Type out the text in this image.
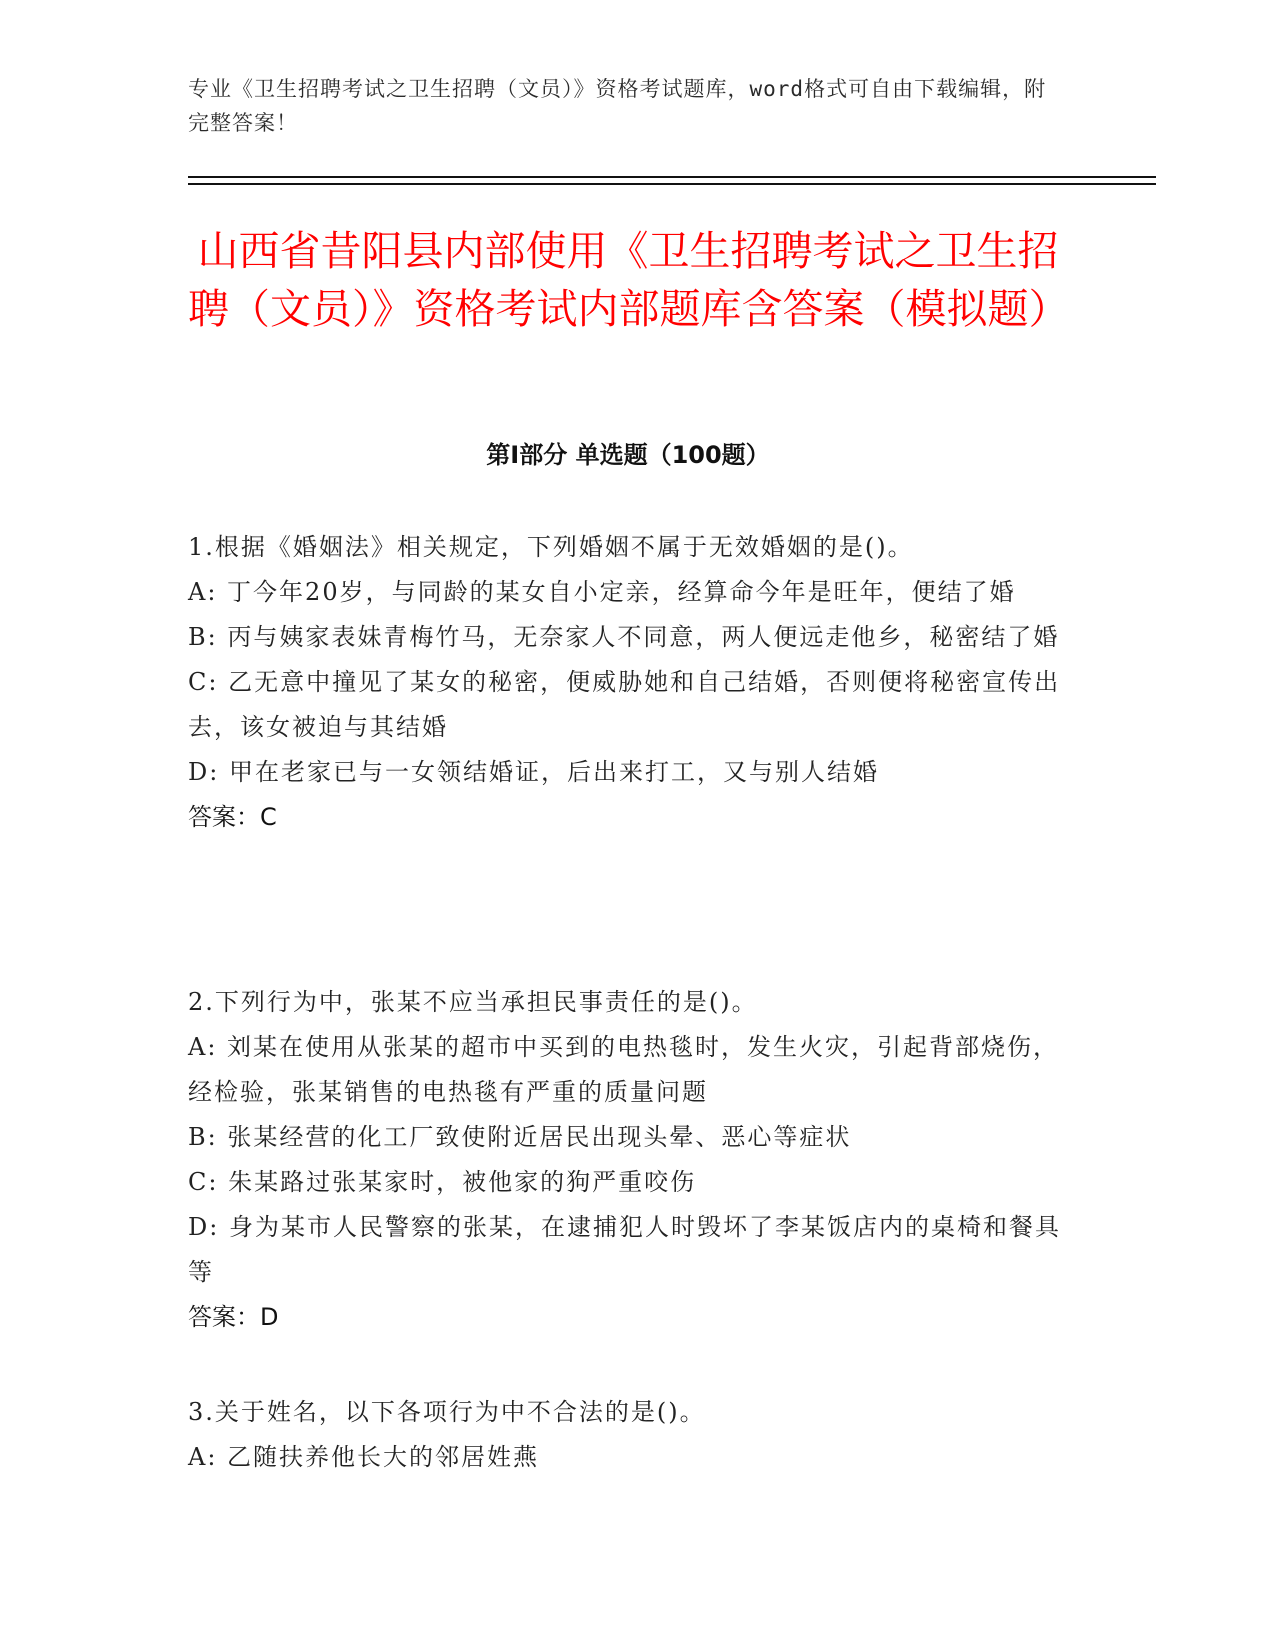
专业《卫生招聘考试之卫生招聘（文员）》资格考试题库，word格式可自由下载编辑，附完整答案！
山西省昔阳县内部使用《卫生招聘考试之卫生招聘（文员）》资格考试内部题库含答案（模拟题）
第Ⅰ部分 单选题（100题）

1.根据《婚姻法》相关规定，下列婚姻不属于无效婚姻的是()。

A: 丁今年20岁，与同龄的某女自小定亲，经算命今年是旺年，便结了婚

B: 丙与姨家表妹青梅竹马，无奈家人不同意，两人便远走他乡，秘密结了婚

C: 乙无意中撞见了某女的秘密，便威胁她和自己结婚，否则便将秘密宣传出去，该女被迫与其结婚

D: 甲在老家已与一女领结婚证，后出来打工，又与别人结婚

答案：C

2.下列行为中，张某不应当承担民事责任的是()。

A: 刘某在使用从张某的超市中买到的电热毯时，发生火灾，引起背部烧伤，经检验，张某销售的电热毯有严重的质量问题

B: 张某经营的化工厂致使附近居民出现头晕、恶心等症状

C: 朱某路过张某家时，被他家的狗严重咬伤

D: 身为某市人民警察的张某，在逮捕犯人时毁坏了李某饭店内的桌椅和餐具等

答案：D

3.关于姓名，以下各项行为中不合法的是()。

A: 乙随扶养他长大的邻居姓燕
